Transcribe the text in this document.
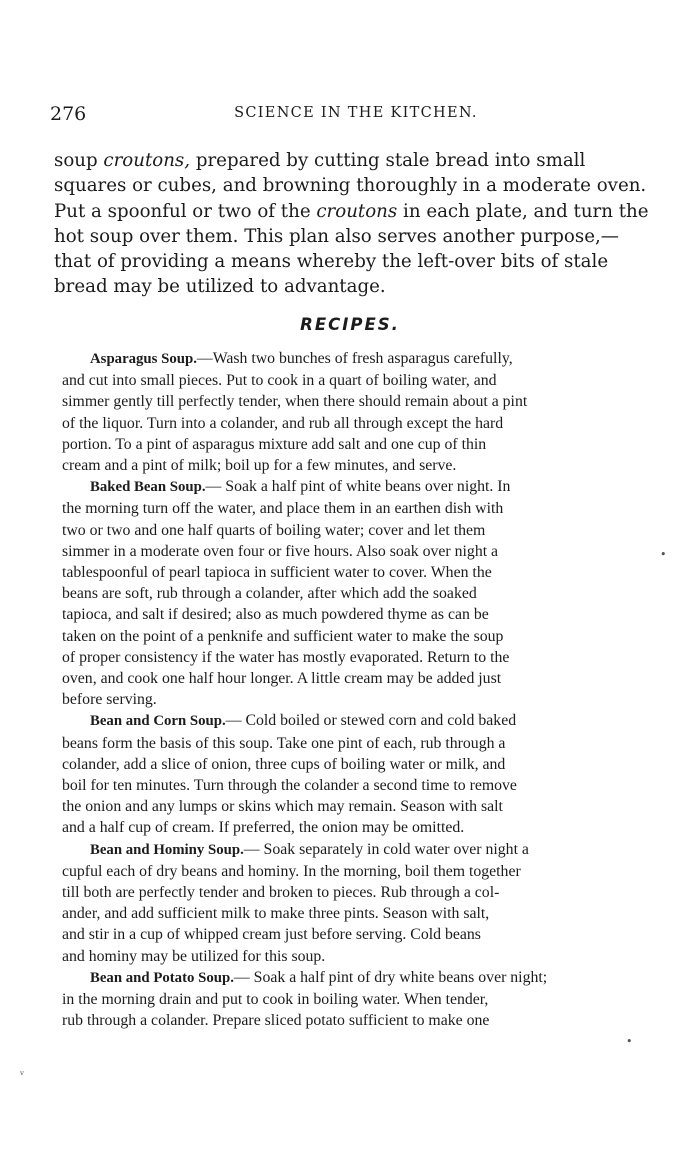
276	SCIENCE IN THE KITCHEN.
soup croutons, prepared by cutting stale bread into small
squares or cubes, and browning thoroughly in a moderate oven.
Put a spoonful or two of the croutons in each plate, and turn the
hot soup over them. This plan also serves another purpose,—
that of providing a means whereby the left-over bits of stale
bread may be utilized to advantage.
RECIPES.
Asparagus Soup.—Wash two bunches of fresh asparagus carefully,
and cut into small pieces. Put to cook in a quart of boiling water, and
simmer gently till perfectly tender, when there should remain about a pint
of the liquor. Turn into a colander, and rub all through except the hard
portion. To a pint of asparagus mixture add salt and one cup of thin
cream and a pint of milk; boil up for a few minutes, and serve.
Baked Bean Soup.— Soak a half pint of white beans over night. In
the morning turn off the water, and place them in an earthen dish with
two or two and one half quarts of boiling water; cover and let them
simmer in a moderate oven four or five hours. Also soak over night a
tablespoonful of pearl tapioca in sufficient water to cover. When the
beans are soft, rub through a colander, after which add the soaked
tapioca, and salt if desired; also as much powdered thyme as can be
taken on the point of a penknife and sufficient water to make the soup
of proper consistency if the water has mostly evaporated. Return to the
oven, and cook one half hour longer. A little cream may be added just
before serving.
Bean and Corn Soup.— Cold boiled or stewed corn and cold baked
beans form the basis of this soup. Take one pint of each, rub through a
colander, add a slice of onion, three cups of boiling water or milk, and
boil for ten minutes. Turn through the colander a second time to remove
the onion and any lumps or skins which may remain. Season with salt
and a half cup of cream. If preferred, the onion may be omitted.
Bean and Hominy Soup.— Soak separately in cold water over night a
cupful each of dry beans and hominy. In the morning, boil them together
till both are perfectly tender and broken to pieces. Rub through a col-
ander, and add sufficient milk to make three pints. Season with salt,
and stir in a cup of whipped cream just before serving. Cold beans
and hominy may be utilized for this soup.
Bean and Potato Soup.— Soak a half pint of dry white beans over night;
in the morning drain and put to cook in boiling water. When tender,
rub through a colander. Prepare sliced potato sufficient to make one
•
•
ᵥ
